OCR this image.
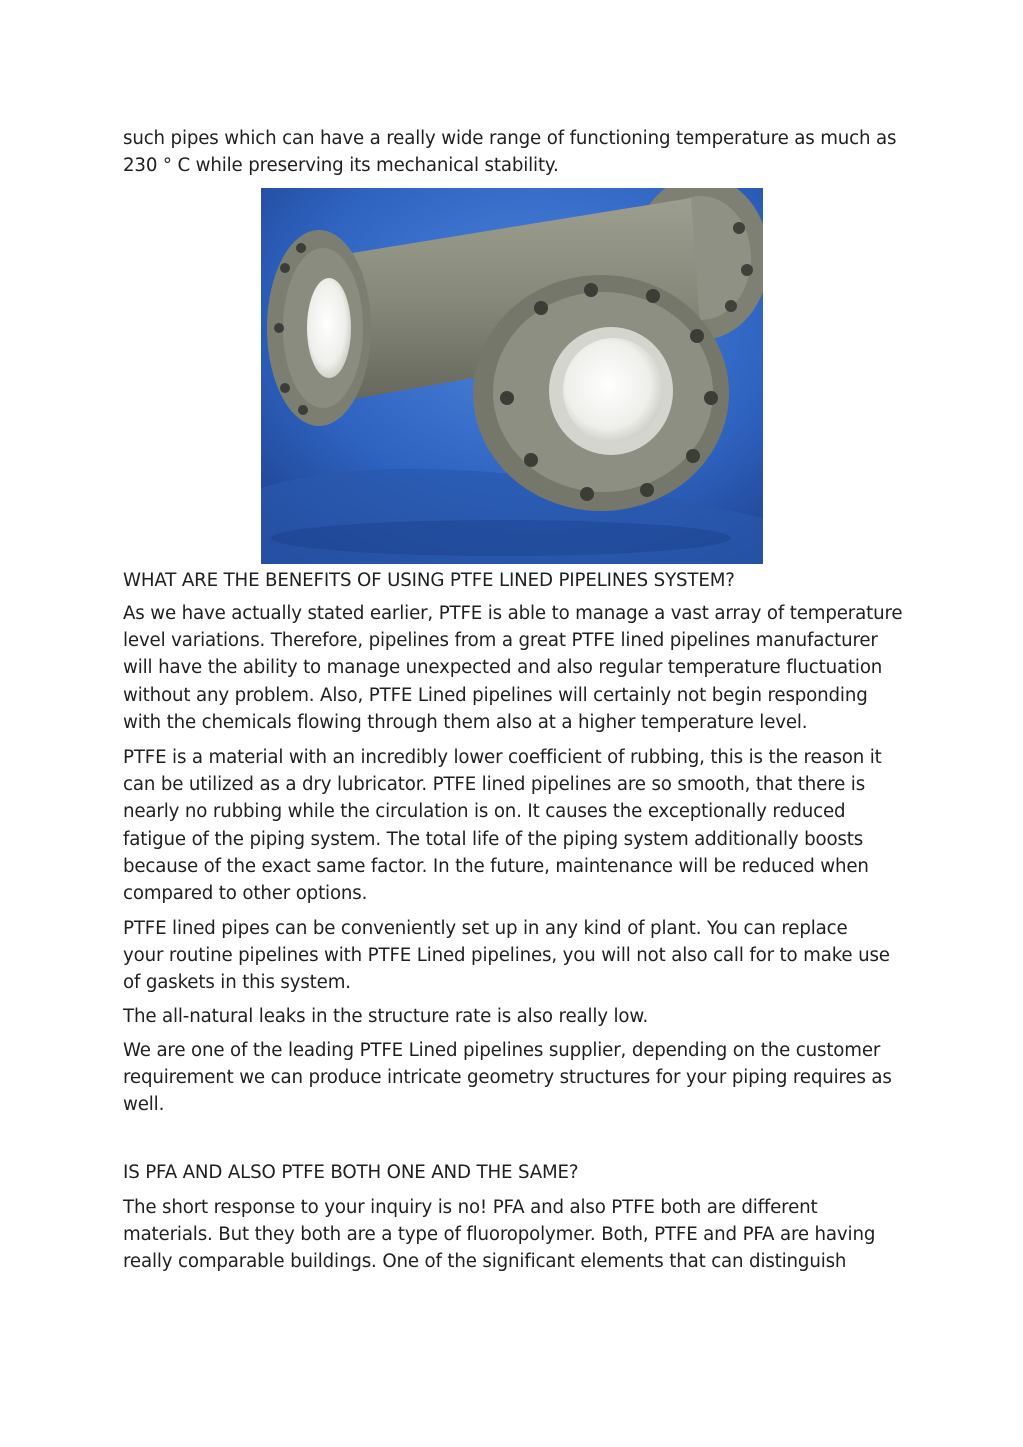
such pipes which can have a really wide range of functioning temperature as much as
230 ° C while preserving its mechanical stability.
WHAT ARE THE BENEFITS OF USING PTFE LINED PIPELINES SYSTEM?
As we have actually stated earlier, PTFE is able to manage a vast array of temperature
level variations. Therefore, pipelines from a great PTFE lined pipelines manufacturer
will have the ability to manage unexpected and also regular temperature fluctuation
without any problem. Also, PTFE Lined pipelines will certainly not begin responding
with the chemicals flowing through them also at a higher temperature level.
PTFE is a material with an incredibly lower coefficient of rubbing, this is the reason it
can be utilized as a dry lubricator. PTFE lined pipelines are so smooth, that there is
nearly no rubbing while the circulation is on. It causes the exceptionally reduced
fatigue of the piping system. The total life of the piping system additionally boosts
because of the exact same factor. In the future, maintenance will be reduced when
compared to other options.
PTFE lined pipes can be conveniently set up in any kind of plant. You can replace
your routine pipelines with PTFE Lined pipelines, you will not also call for to make use
of gaskets in this system.
The all-natural leaks in the structure rate is also really low.
We are one of the leading PTFE Lined pipelines supplier, depending on the customer
requirement we can produce intricate geometry structures for your piping requires as
well.
IS PFA AND ALSO PTFE BOTH ONE AND THE SAME?
The short response to your inquiry is no! PFA and also PTFE both are different
materials. But they both are a type of fluoropolymer. Both, PTFE and PFA are having
really comparable buildings. One of the significant elements that can distinguish
